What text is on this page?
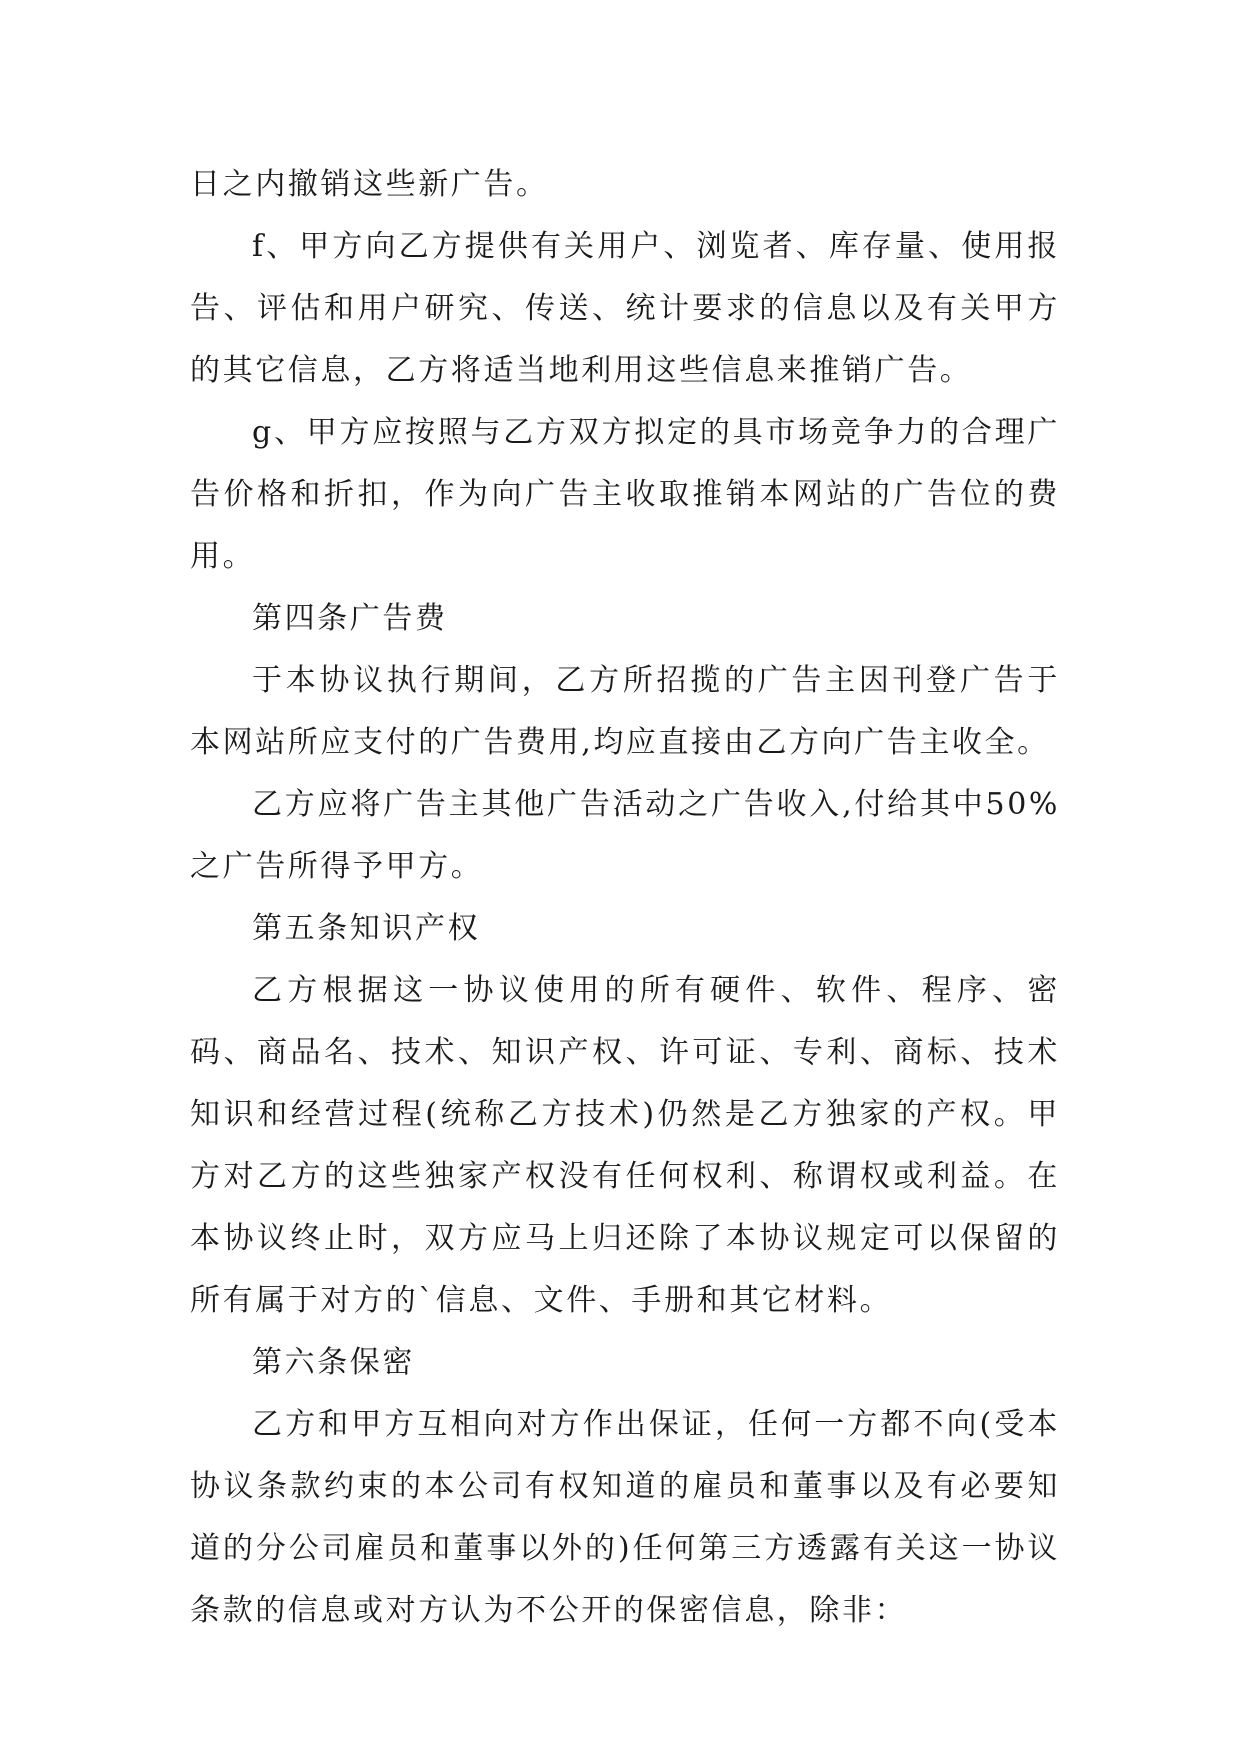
日之内撤销这些新广告。

f、甲方向乙方提供有关用户、浏览者、库存量、使用报告、评估和用户研究、传送、统计要求的信息以及有关甲方的其它信息，乙方将适当地利用这些信息来推销广告。

g、甲方应按照与乙方双方拟定的具市场竞争力的合理广告价格和折扣，作为向广告主收取推销本网站的广告位的费用。

第四条广告费

于本协议执行期间，乙方所招揽的广告主因刊登广告于本网站所应支付的广告费用,均应直接由乙方向广告主收全。

乙方应将广告主其他广告活动之广告收入,付给其中50%之广告所得予甲方。

第五条知识产权

乙方根据这一协议使用的所有硬件、软件、程序、密码、商品名、技术、知识产权、许可证、专利、商标、技术知识和经营过程(统称乙方技术)仍然是乙方独家的产权。甲方对乙方的这些独家产权没有任何权利、称谓权或利益。在本协议终止时，双方应马上归还除了本协议规定可以保留的所有属于对方的`信息、文件、手册和其它材料。

第六条保密

乙方和甲方互相向对方作出保证，任何一方都不向(受本协议条款约束的本公司有权知道的雇员和董事以及有必要知道的分公司雇员和董事以外的)任何第三方透露有关这一协议条款的信息或对方认为不公开的保密信息，除非：
